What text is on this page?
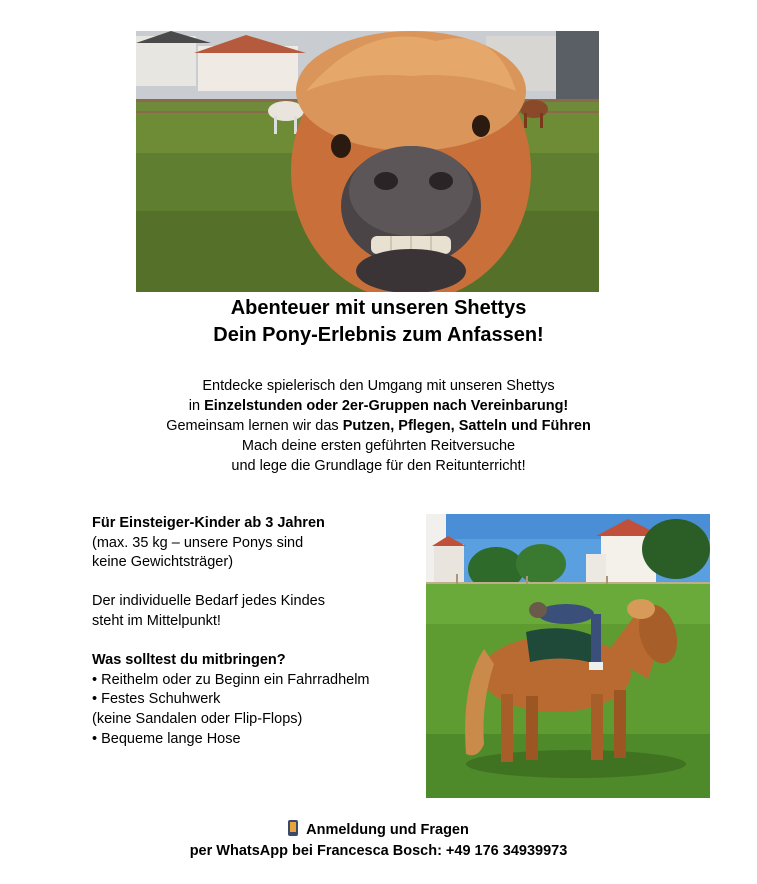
Abenteuer mit unseren Shettys
Dein Pony-Erlebnis zum Anfassen!
Entdecke spielerisch den Umgang mit unseren Shettys
in Einzelstunden oder 2er-Gruppen nach Vereinbarung!
Gemeinsam lernen wir das Putzen, Pflegen, Satteln und Führen
Mach deine ersten geführten Reitversuche
und lege die Grundlage für den Reitunterricht!
Für Einsteiger-Kinder ab 3 Jahren
(max. 35 kg – unsere Ponys sind
keine Gewichtsträger)
Der individuelle Bedarf jedes Kindes
steht im Mittelpunkt!
Was solltest du mitbringen?
• Reithelm oder zu Beginn ein Fahrradhelm
• Festes Schuhwerk
(keine Sandalen oder Flip-Flops)
• Bequeme lange Hose
Anmeldung und Fragen
per WhatsApp bei Francesca Bosch: +49 176 34939973
